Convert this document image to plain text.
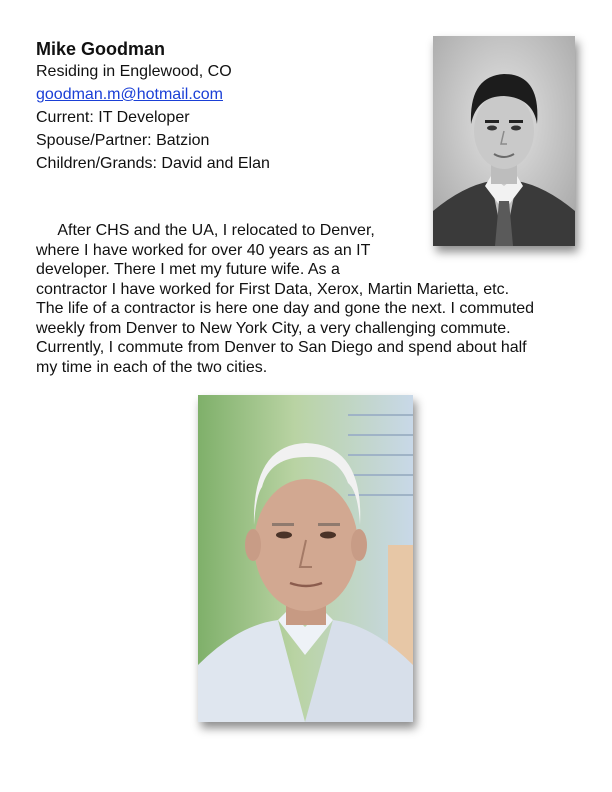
Mike Goodman

Residing in Englewood, CO

goodman.m@hotmail.com

Current: IT Developer

Spouse/Partner: Batzion

Children/Grands: David and Elan

After CHS and the UA, I relocated to Denver,

where I have worked for over 40 years as an IT

developer. There I met my future wife. As a

contractor I have worked for First Data, Xerox, Martin Marietta, etc.

The life of a contractor is here one day and gone the next. I commuted

weekly from Denver to New York City, a very challenging commute.

Currently, I commute from Denver to San Diego and spend about half

my time in each of the two cities.
